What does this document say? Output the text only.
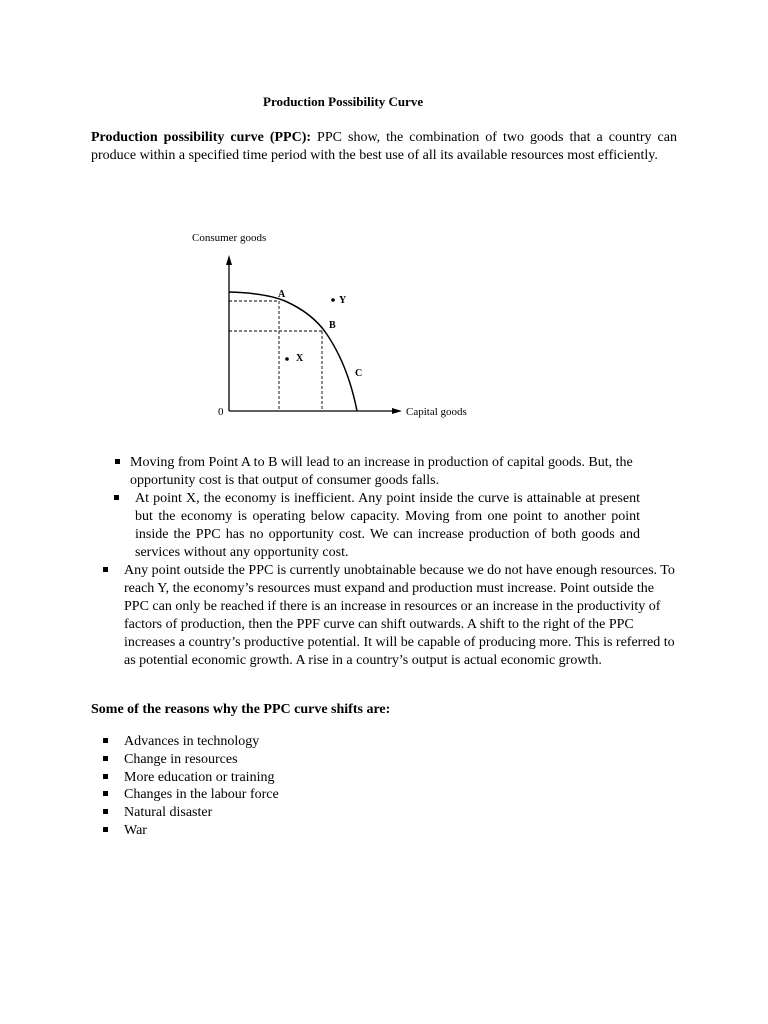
Production Possibility Curve

Production possibility curve (PPC): PPC show, the combination of two goods that a country can produce within a specified time period with the best use of all its available resources most efficiently.

Consumer goods
Capital goods
0
A
B
C
X
Y

Moving from Point A to B will lead to an increase in production of capital goods. But, the opportunity cost is that output of consumer goods falls.

At point X, the economy is inefficient. Any point inside the curve is attainable at present but the economy is operating below capacity. Moving from one point to another point inside the PPC has no opportunity cost. We can increase production of both goods and services without any opportunity cost.

Any point outside the PPC is currently unobtainable because we do not have enough resources. To reach Y, the economy’s resources must expand and production must increase. Point outside the PPC can only be reached if there is an increase in resources or an increase in the productivity of factors of production, then the PPF curve can shift outwards. A shift to the right of the PPC increases a country’s productive potential. It will be capable of producing more. This is referred to as potential economic growth. A rise in a country’s output is actual economic growth.

Some of the reasons why the PPC curve shifts are:
Advances in technology
Change in resources
More education or training
Changes in the labour force
Natural disaster
War
